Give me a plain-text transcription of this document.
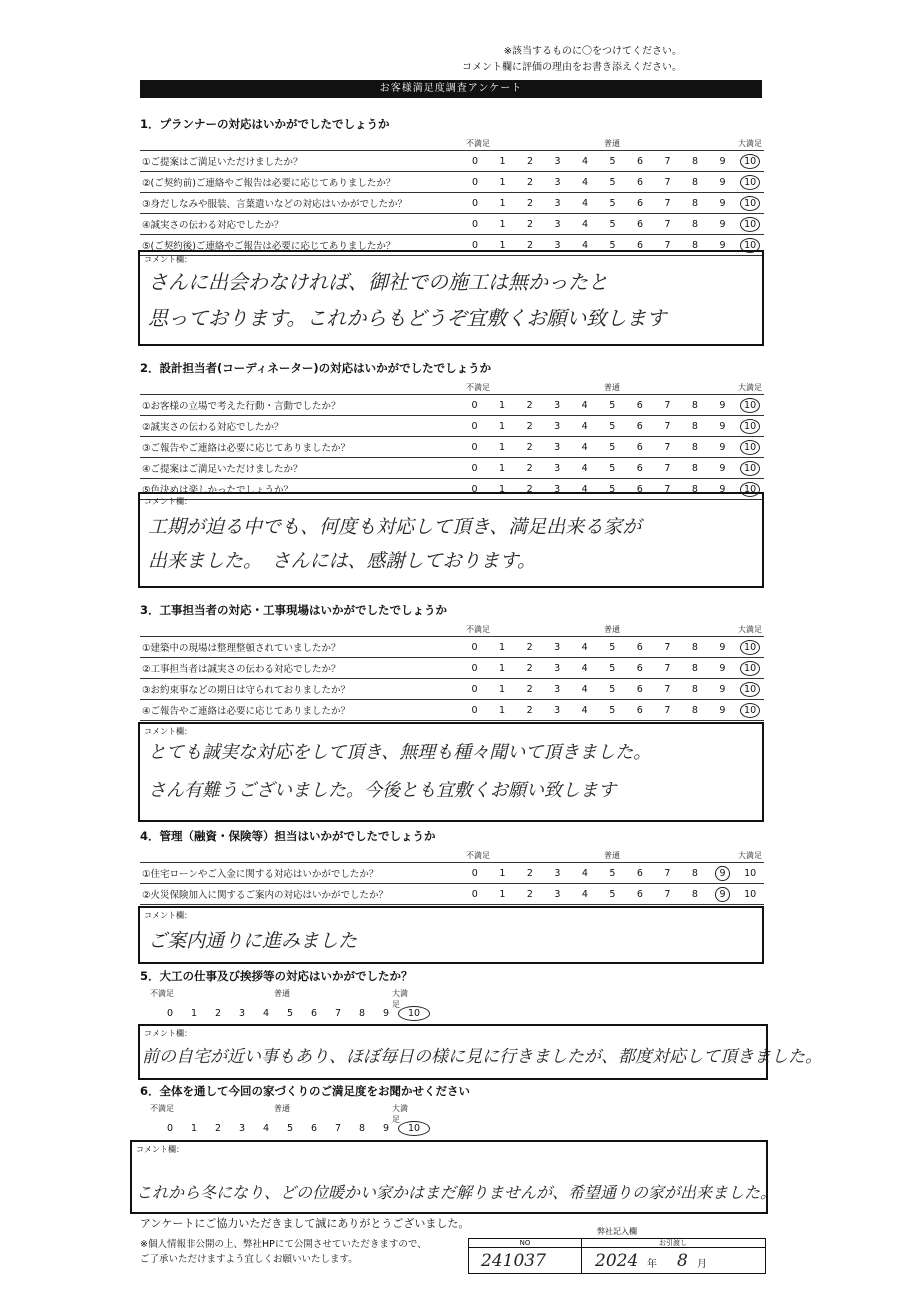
※該当するものに〇をつけてください。
コメント欄に評価の理由をお書き添えください。
お客様満足度調査アンケート
1．プランナーの対応はいかがでしたでしょうか
不満足	普通	大満足
①ご提案はご満足いただけましたか？	0	1	2	3	4	5	6	7	8	9	10
②(ご契約前)ご連絡やご報告は必要に応じてありましたか？	0	1	2	3	4	5	6	7	8	9	10
③身だしなみや服装、言葉遣いなどの対応はいかがでしたか？	0	1	2	3	4	5	6	7	8	9	10
④誠実さの伝わる対応でしたか？	0	1	2	3	4	5	6	7	8	9	10
⑤(ご契約後)ご連絡やご報告は必要に応じてありましたか？	0	1	2	3	4	5	6	7	8	9	10
コメント欄：
さんに出会わなければ、御社での施工は無かったと
思っております。これからもどうぞ宜敷くお願い致します
2．設計担当者(コーディネーター)の対応はいかがでしたでしょうか
不満足	普通	大満足
①お客様の立場で考えた行動・言動でしたか？	0	1	2	3	4	5	6	7	8	9	10
②誠実さの伝わる対応でしたか？	0	1	2	3	4	5	6	7	8	9	10
③ご報告やご連絡は必要に応じてありましたか？	0	1	2	3	4	5	6	7	8	9	10
④ご提案はご満足いただけましたか？	0	1	2	3	4	5	6	7	8	9	10
⑤色決めは楽しかったでしょうか？	0	1	2	3	4	5	6	7	8	9	10
コメント欄：
工期が迫る中でも、何度も対応して頂き、満足出来る家が
出来ました。　さんには、感謝しております。
3．工事担当者の対応・工事現場はいかがでしたでしょうか
不満足	普通	大満足
①建築中の現場は整理整頓されていましたか？	0	1	2	3	4	5	6	7	8	9	10
②工事担当者は誠実さの伝わる対応でしたか？	0	1	2	3	4	5	6	7	8	9	10
③お約束事などの期日は守られておりましたか？	0	1	2	3	4	5	6	7	8	9	10
④ご報告やご連絡は必要に応じてありましたか？	0	1	2	3	4	5	6	7	8	9	10
コメント欄：
とても誠実な対応をして頂き、無理も種々聞いて頂きました。
さん有難うございました。今後とも宜敷くお願い致します
4．管理（融資・保険等）担当はいかがでしたでしょうか
不満足	普通	大満足
①住宅ローンやご入金に関する対応はいかがでしたか？	0	1	2	3	4	5	6	7	8	9	10
②火災保険加入に関するご案内の対応はいかがでしたか？	0	1	2	3	4	5	6	7	8	9	10
コメント欄：
ご案内通りに進みました
5．大工の仕事及び挨拶等の対応はいかがでしたか？
不満足	普通	大満足
0 1 2 3 4 5 6 7 8 9 10
コメント欄：
前の自宅が近い事もあり、ほぼ毎日の様に見に行きましたが、都度対応して頂きました。
6．全体を通して今回の家づくりのご満足度をお聞かせください
不満足	普通	大満足
0 1 2 3 4 5 6 7 8 9 10
コメント欄：
これから冬になり、どの位暖かい家かはまだ解りませんが、希望通りの家が出来ました。
アンケートにご協力いただきまして誠にありがとうございました。
※個人情報非公開の上、弊社HPにて公開させていただきますので、
ご了承いただけますよう宜しくお願いいたします。
弊社記入欄
NO	お引渡し
241037	2024 年 8 月
